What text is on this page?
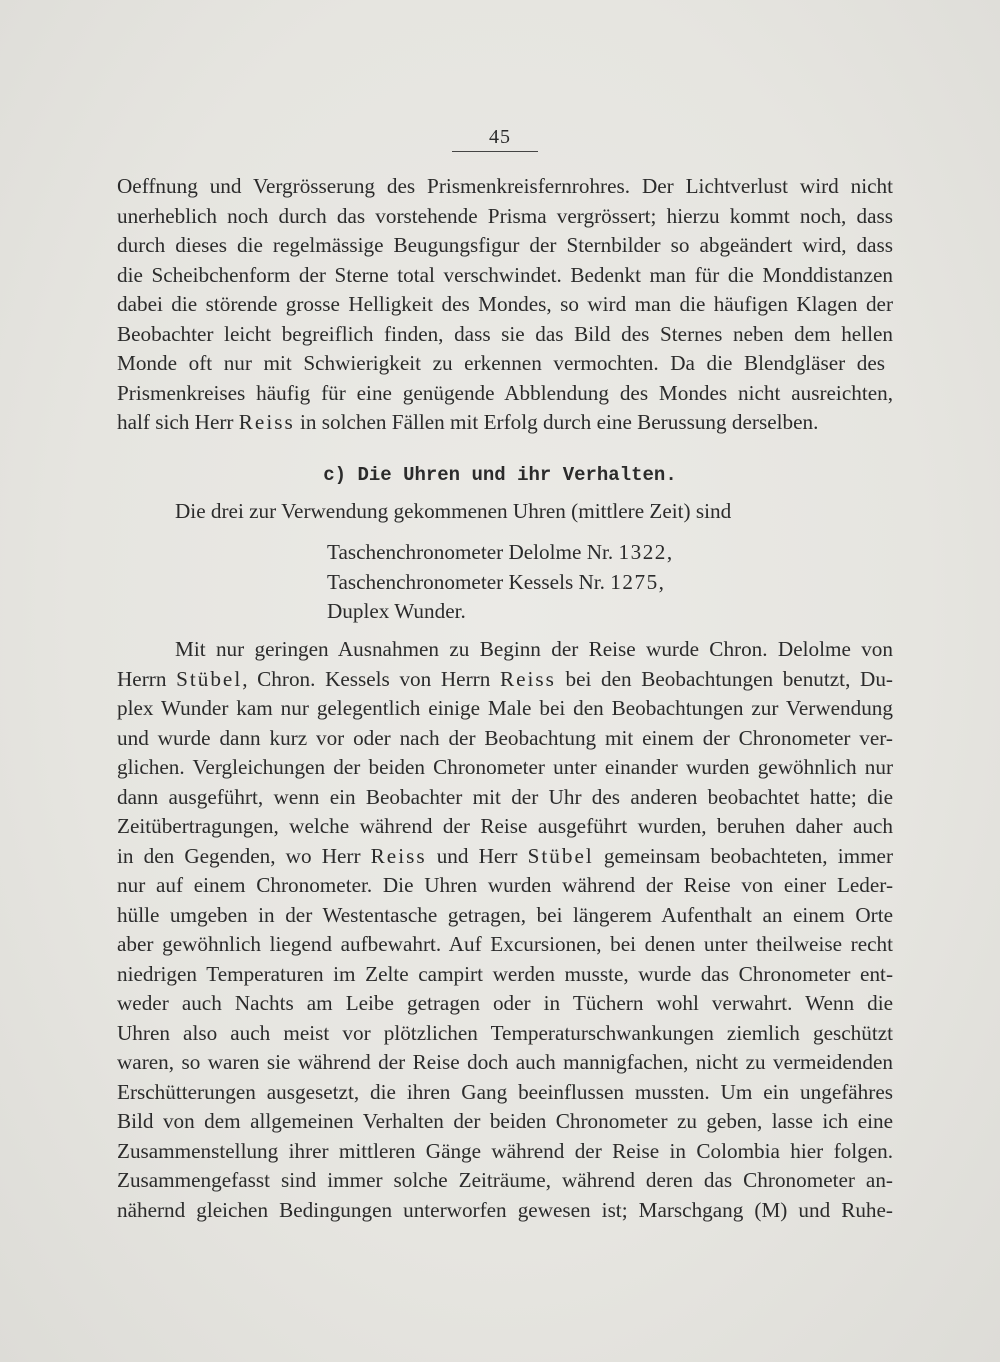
45
Oeffnung und Vergrösserung des Prismenkreisfernrohres. Der Lichtverlust wird nicht
unerheblich noch durch das vorstehende Prisma vergrössert; hierzu kommt noch, dass
durch dieses die regelmässige Beugungsfigur der Sternbilder so abgeändert wird, dass
die Scheibchenform der Sterne total verschwindet. Bedenkt man für die Monddistanzen
dabei die störende grosse Helligkeit des Mondes, so wird man die häufigen Klagen der
Beobachter leicht begreiflich finden, dass sie das Bild des Sternes neben dem hellen
Monde oft nur mit Schwierigkeit zu erkennen vermochten. Da die Blendgläser des
Prismenkreises häufig für eine genügende Abblendung des Mondes nicht ausreichten,
half sich Herr Reiss in solchen Fällen mit Erfolg durch eine Berussung derselben.
c) Die Uhren und ihr Verhalten.
Die drei zur Verwendung gekommenen Uhren (mittlere Zeit) sind
Taschenchronometer Delolme Nr. 1322,
Taschenchronometer Kessels Nr. 1275,
Duplex Wunder.
Mit nur geringen Ausnahmen zu Beginn der Reise wurde Chron. Delolme von
Herrn Stübel, Chron. Kessels von Herrn Reiss bei den Beobachtungen benutzt, Du-
plex Wunder kam nur gelegentlich einige Male bei den Beobachtungen zur Verwendung
und wurde dann kurz vor oder nach der Beobachtung mit einem der Chronometer ver-
glichen. Vergleichungen der beiden Chronometer unter einander wurden gewöhnlich nur
dann ausgeführt, wenn ein Beobachter mit der Uhr des anderen beobachtet hatte; die
Zeitübertragungen, welche während der Reise ausgeführt wurden, beruhen daher auch
in den Gegenden, wo Herr Reiss und Herr Stübel gemeinsam beobachteten, immer
nur auf einem Chronometer. Die Uhren wurden während der Reise von einer Leder-
hülle umgeben in der Westentasche getragen, bei längerem Aufenthalt an einem Orte
aber gewöhnlich liegend aufbewahrt. Auf Excursionen, bei denen unter theilweise recht
niedrigen Temperaturen im Zelte campirt werden musste, wurde das Chronometer ent-
weder auch Nachts am Leibe getragen oder in Tüchern wohl verwahrt. Wenn die
Uhren also auch meist vor plötzlichen Temperaturschwankungen ziemlich geschützt
waren, so waren sie während der Reise doch auch mannigfachen, nicht zu vermeidenden
Erschütterungen ausgesetzt, die ihren Gang beeinflussen mussten. Um ein ungefähres
Bild von dem allgemeinen Verhalten der beiden Chronometer zu geben, lasse ich eine
Zusammenstellung ihrer mittleren Gänge während der Reise in Colombia hier folgen.
Zusammengefasst sind immer solche Zeiträume, während deren das Chronometer an-
nähernd gleichen Bedingungen unterworfen gewesen ist; Marschgang (M) und Ruhe-
